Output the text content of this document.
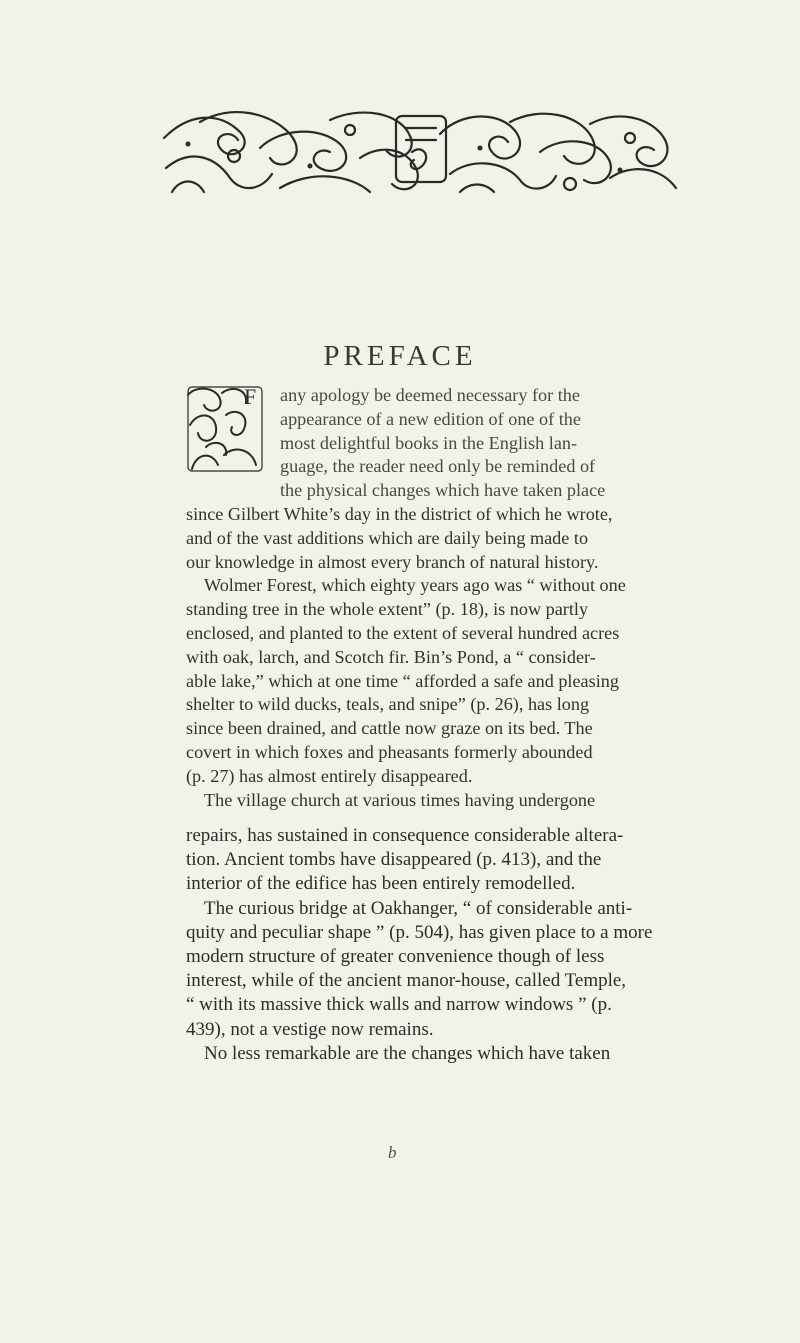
PREFACE
F any apology be deemed necessary for the
appearance of a new edition of one of the
most delightful books in the English lan-
guage, the reader need only be reminded of
the physical changes which have taken place
since Gilbert White’s day in the district of which he wrote,
and of the vast additions which are daily being made to
our knowledge in almost every branch of natural history.
Wolmer Forest, which eighty years ago was “ without one
standing tree in the whole extent” (p. 18), is now partly
enclosed, and planted to the extent of several hundred acres
with oak, larch, and Scotch fir. Bin’s Pond, a “ consider-
able lake,” which at one time “ afforded a safe and pleasing
shelter to wild ducks, teals, and snipe” (p. 26), has long
since been drained, and cattle now graze on its bed. The
covert in which foxes and pheasants formerly abounded
(p. 27) has almost entirely disappeared.
The village church at various times having undergone
repairs, has sustained in consequence considerable altera-
tion. Ancient tombs have disappeared (p. 413), and the
interior of the edifice has been entirely remodelled.
The curious bridge at Oakhanger, “ of considerable anti-
quity and peculiar shape ” (p. 504), has given place to a more
modern structure of greater convenience though of less
interest, while of the ancient manor-house, called Temple,
“ with its massive thick walls and narrow windows ” (p.
439), not a vestige now remains.
No less remarkable are the changes which have taken
b
